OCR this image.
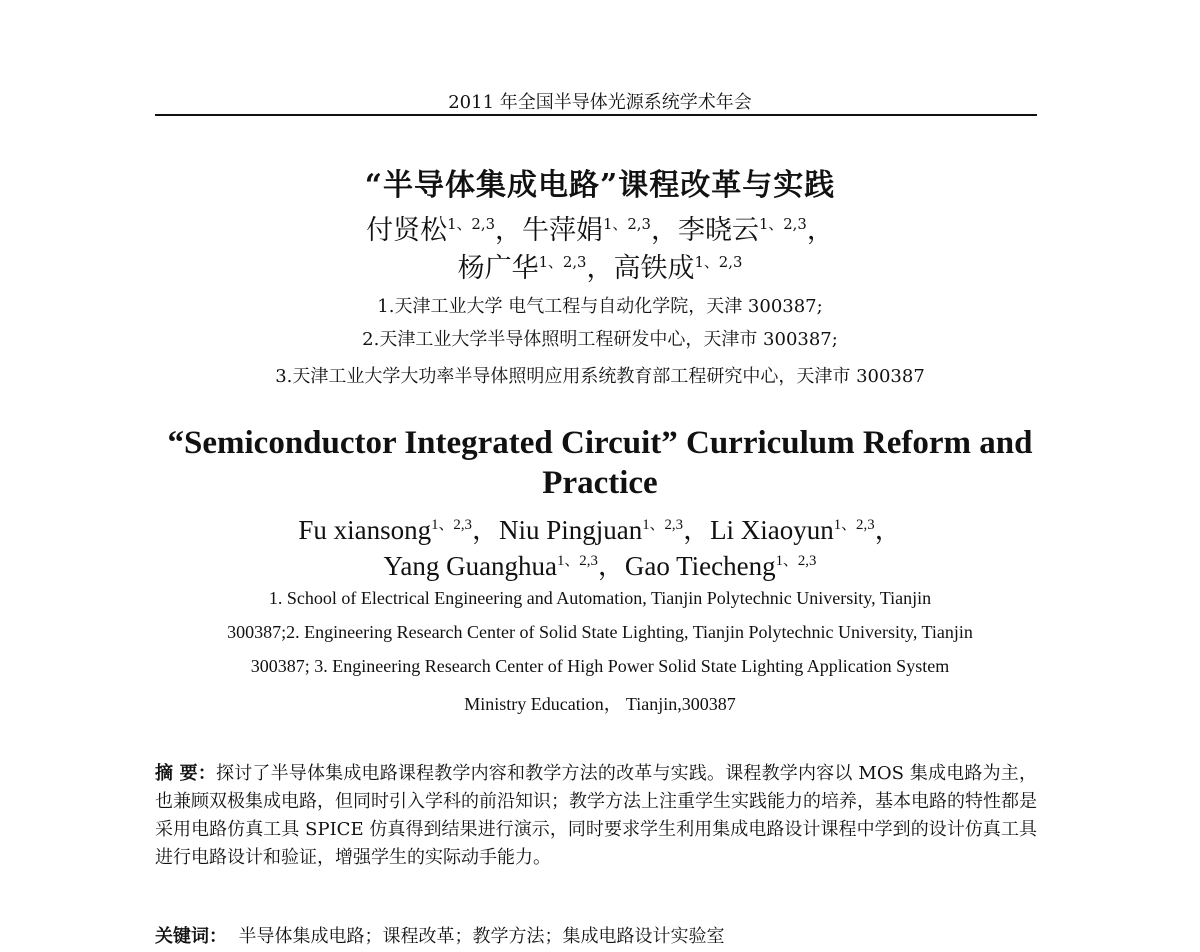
2011 年全国半导体光源系统学术年会
“半导体集成电路”课程改革与实践
付贤松$^{1、2,3}$，牛萍娟$^{1、2,3}$，李晓云$^{1、2,3}$，
杨广华$^{1、2,3}$，高铁成$^{1、2,3}$
1.天津工业大学 电气工程与自动化学院，天津 300387;
2.天津工业大学半导体照明工程研发中心，天津市 300387;
3.天津工业大学大功率半导体照明应用系统教育部工程研究中心，天津市 300387
“Semiconductor Integrated Circuit” Curriculum Reform and
Practice
Fu xiansong$^{1、2,3}$，Niu Pingjuan$^{1、2,3}$，Li Xiaoyun$^{1、2,3}$，
Yang Guanghua$^{1、2,3}$，Gao Tiecheng$^{1、2,3}$
1. School of Electrical Engineering and Automation, Tianjin Polytechnic University, Tianjin
300387;2. Engineering Research Center of Solid State Lighting, Tianjin Polytechnic University, Tianjin
300387; 3. Engineering Research Center of High Power Solid State Lighting Application System
Ministry Education， Tianjin,300387
摘 要：探讨了半导体集成电路课程教学内容和教学方法的改革与实践。课程教学内容以 MOS 集成电路为主，也兼顾双极集成电路，但同时引入学科的前沿知识；教学方法上注重学生实践能力的培养，基本电路的特性都是采用电路仿真工具 SPICE 仿真得到结果进行演示，同时要求学生利用集成电路设计课程中学到的设计仿真工具进行电路设计和验证，增强学生的实际动手能力。
关键词： 半导体集成电路；课程改革；教学方法；集成电路设计实验室
